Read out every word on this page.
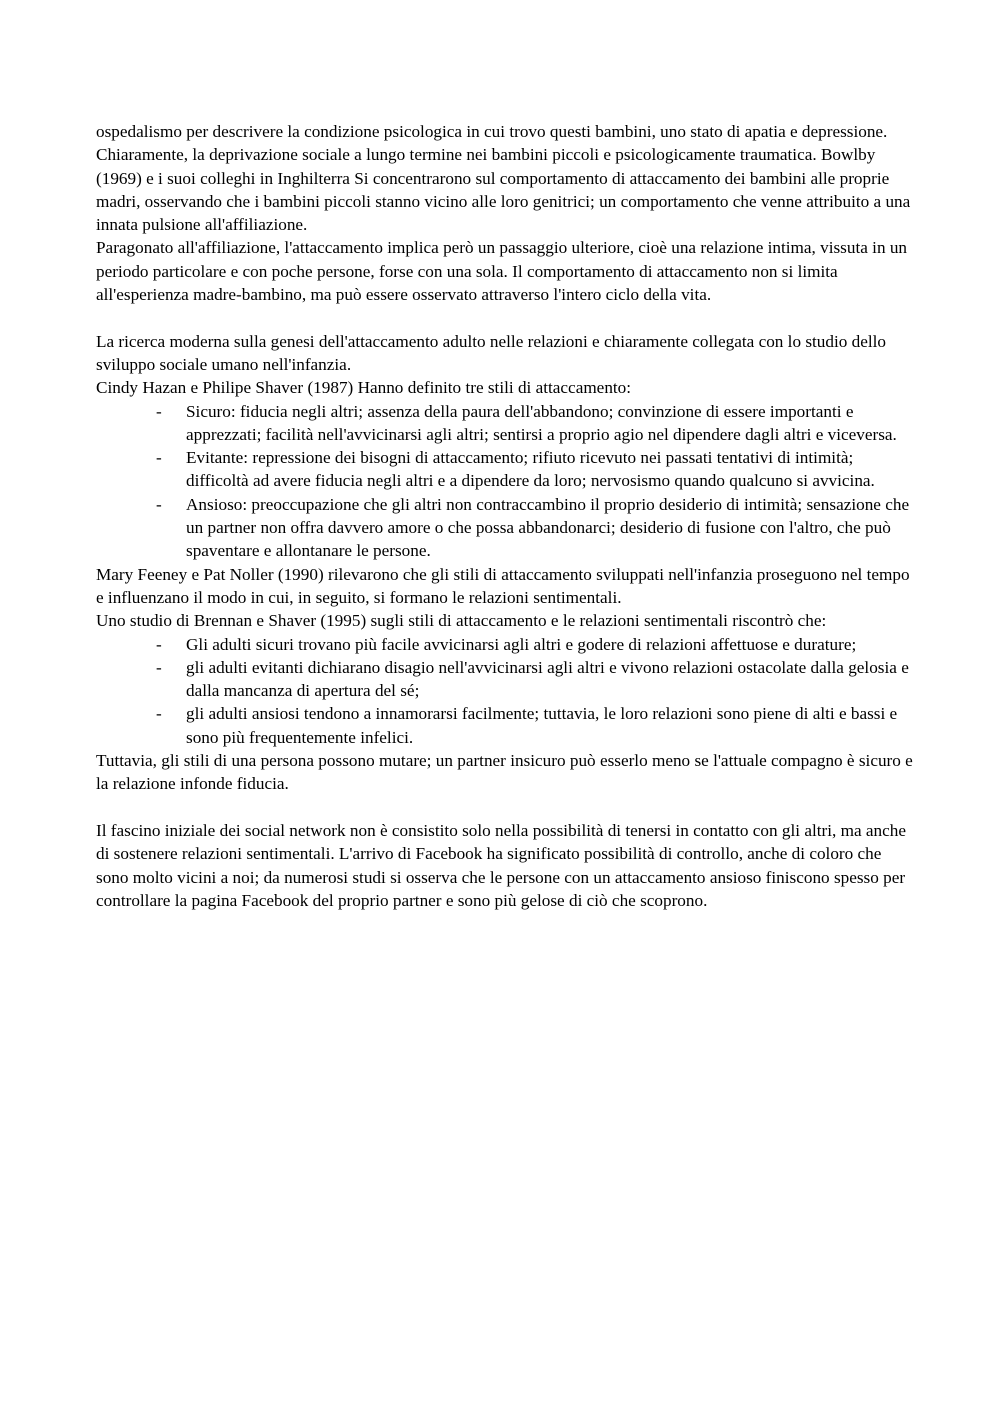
ospedalismo per descrivere la condizione psicologica in cui trovo questi bambini, uno stato di apatia e depressione.

Chiaramente, la deprivazione sociale a lungo termine nei bambini piccoli e psicologicamente traumatica. Bowlby (1969) e i suoi colleghi in Inghilterra Si concentrarono sul comportamento di attaccamento dei bambini alle proprie madri, osservando che i bambini piccoli stanno vicino alle loro genitrici; un comportamento che venne attribuito a una innata pulsione all'affiliazione.

Paragonato all'affiliazione, l'attaccamento implica però un passaggio ulteriore, cioè una relazione intima, vissuta in un periodo particolare e con poche persone, forse con una sola. Il comportamento di attaccamento non si limita all'esperienza madre-bambino, ma può essere osservato attraverso l'intero ciclo della vita.

La ricerca moderna sulla genesi dell'attaccamento adulto nelle relazioni e chiaramente collegata con lo studio dello sviluppo sociale umano nell'infanzia.

Cindy Hazan e Philipe Shaver (1987) Hanno definito tre stili di attaccamento:

- Sicuro: fiducia negli altri; assenza della paura dell'abbandono; convinzione di essere importanti e apprezzati; facilità nell'avvicinarsi agli altri; sentirsi a proprio agio nel dipendere dagli altri e viceversa.
- Evitante: repressione dei bisogni di attaccamento; rifiuto ricevuto nei passati tentativi di intimità; difficoltà ad avere fiducia negli altri e a dipendere da loro; nervosismo quando qualcuno si avvicina.
- Ansioso: preoccupazione che gli altri non contraccambino il proprio desiderio di intimità; sensazione che un partner non offra davvero amore o che possa abbandonarci; desiderio di fusione con l'altro, che può spaventare e allontanare le persone.

Mary Feeney e Pat Noller (1990) rilevarono che gli stili di attaccamento sviluppati nell'infanzia proseguono nel tempo e influenzano il modo in cui, in seguito, si formano le relazioni sentimentali.

Uno studio di Brennan e Shaver (1995) sugli stili di attaccamento e le relazioni sentimentali riscontrò che:

- Gli adulti sicuri trovano più facile avvicinarsi agli altri e godere di relazioni affettuose e durature;
- gli adulti evitanti dichiarano disagio nell'avvicinarsi agli altri e vivono relazioni ostacolate dalla gelosia e dalla mancanza di apertura del sé;
- gli adulti ansiosi tendono a innamorarsi facilmente; tuttavia, le loro relazioni sono piene di alti e bassi e sono più frequentemente infelici.

Tuttavia, gli stili di una persona possono mutare; un partner insicuro può esserlo meno se l'attuale compagno è sicuro e la relazione infonde fiducia.

Il fascino iniziale dei social network non è consistito solo nella possibilità di tenersi in contatto con gli altri, ma anche di sostenere relazioni sentimentali. L'arrivo di Facebook ha significato possibilità di controllo, anche di coloro che sono molto vicini a noi; da numerosi studi si osserva che le persone con un attaccamento ansioso finiscono spesso per controllare la pagina Facebook del proprio partner e sono più gelose di ciò che scoprono.
